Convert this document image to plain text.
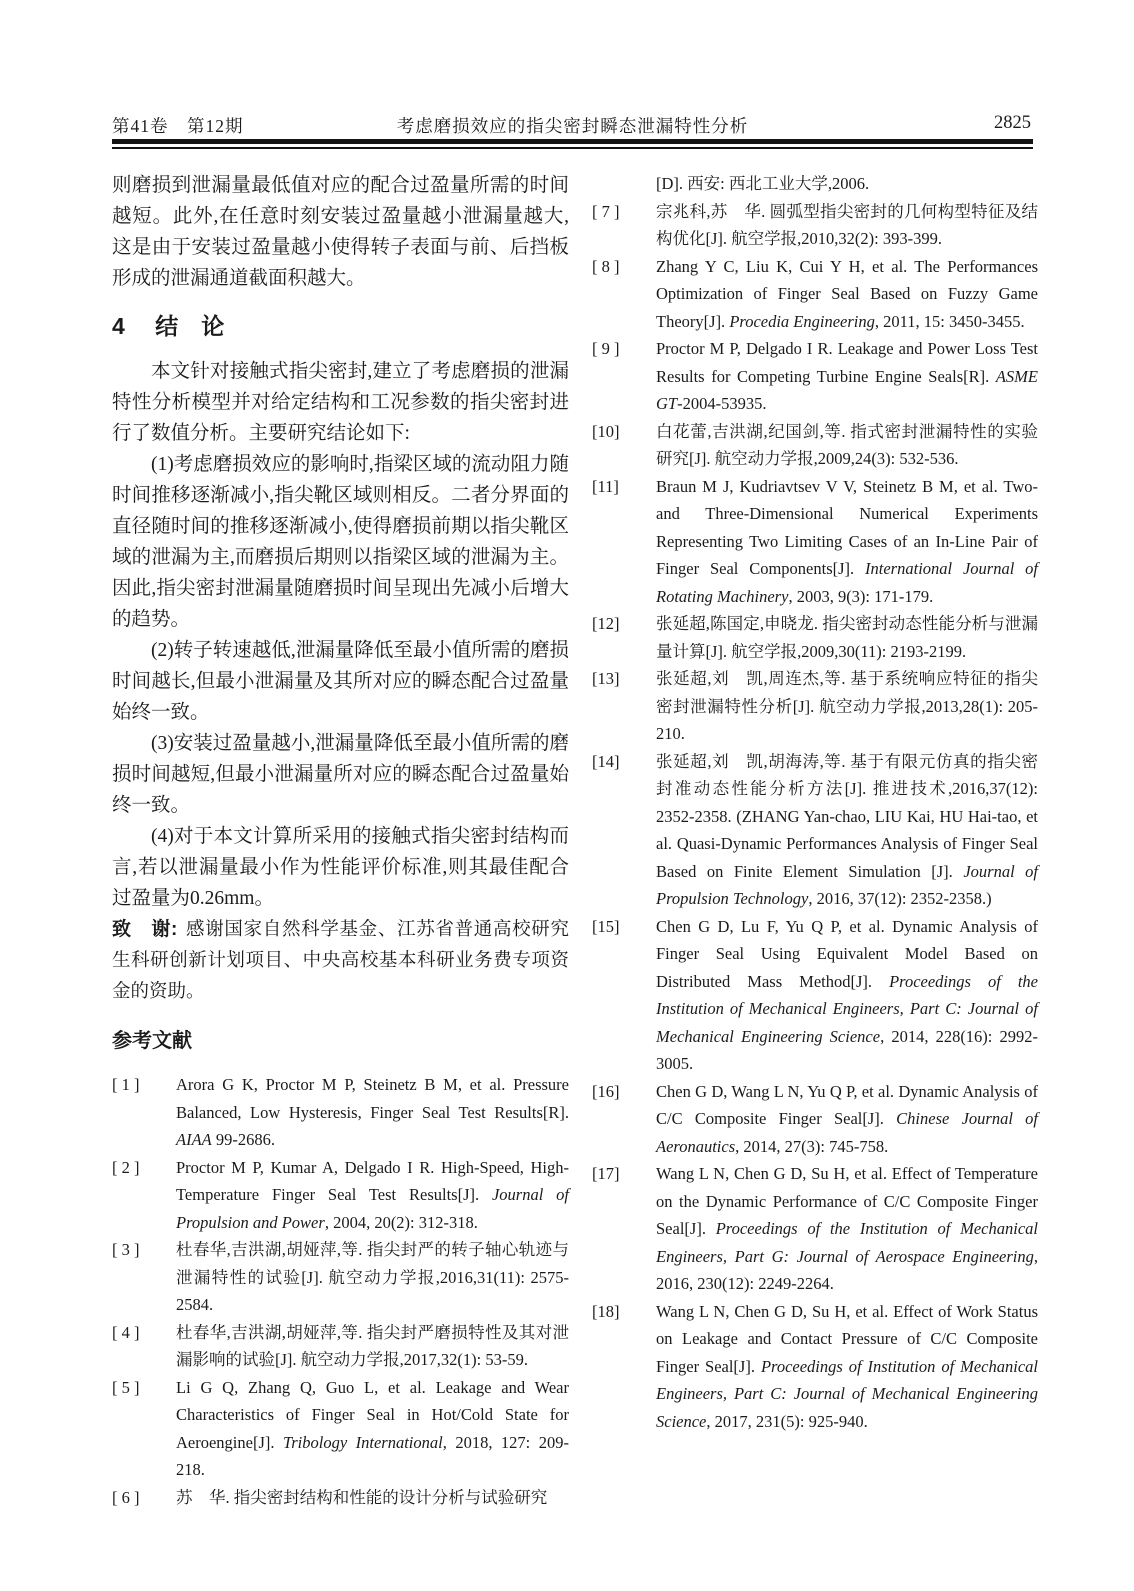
第41卷　第12期	考虑磨损效应的指尖密封瞬态泄漏特性分析	2825

则磨损到泄漏量最低值对应的配合过盈量所需的时间越短。此外,在任意时刻安装过盈量越小泄漏量越大,这是由于安装过盈量越小使得转子表面与前、后挡板形成的泄漏通道截面积越大。

4 结　论

本文针对接触式指尖密封,建立了考虑磨损的泄漏特性分析模型并对给定结构和工况参数的指尖密封进行了数值分析。主要研究结论如下:

(1)考虑磨损效应的影响时,指梁区域的流动阻力随时间推移逐渐减小,指尖靴区域则相反。二者分界面的直径随时间的推移逐渐减小,使得磨损前期以指尖靴区域的泄漏为主,而磨损后期则以指梁区域的泄漏为主。因此,指尖密封泄漏量随磨损时间呈现出先减小后增大的趋势。

(2)转子转速越低,泄漏量降低至最小值所需的磨损时间越长,但最小泄漏量及其所对应的瞬态配合过盈量始终一致。

(3)安装过盈量越小,泄漏量降低至最小值所需的磨损时间越短,但最小泄漏量所对应的瞬态配合过盈量始终一致。

(4)对于本文计算所采用的接触式指尖密封结构而言,若以泄漏量最小作为性能评价标准,则其最佳配合过盈量为0.26mm。

致　谢: 感谢国家自然科学基金、江苏省普通高校研究生科研创新计划项目、中央高校基本科研业务费专项资金的资助。

参考文献
[ 1 ] Arora G K, Proctor M P, Steinetz B M, et al. Pressure Balanced, Low Hysteresis, Finger Seal Test Results[R]. AIAA 99-2686.
[ 2 ] Proctor M P, Kumar A, Delgado I R. High-Speed, High-Temperature Finger Seal Test Results[J]. Journal of Propulsion and Power, 2004, 20(2): 312-318.
[ 3 ] 杜春华,吉洪湖,胡娅萍,等. 指尖封严的转子轴心轨迹与泄漏特性的试验[J]. 航空动力学报,2016,31(11): 2575-2584.
[ 4 ] 杜春华,吉洪湖,胡娅萍,等. 指尖封严磨损特性及其对泄漏影响的试验[J]. 航空动力学报,2017,32(1): 53-59.
[ 5 ] Li G Q, Zhang Q, Guo L, et al. Leakage and Wear Characteristics of Finger Seal in Hot/Cold State for Aeroengine[J]. Tribology International, 2018, 127: 209-218.
[ 6 ] 苏　华. 指尖密封结构和性能的设计分析与试验研究
[D]. 西安: 西北工业大学,2006.
[ 7 ] 宗兆科,苏　华. 圆弧型指尖密封的几何构型特征及结构优化[J]. 航空学报,2010,32(2): 393-399.
[ 8 ] Zhang Y C, Liu K, Cui Y H, et al. The Performances Optimization of Finger Seal Based on Fuzzy Game Theory[J]. Procedia Engineering, 2011, 15: 3450-3455.
[ 9 ] Proctor M P, Delgado I R. Leakage and Power Loss Test Results for Competing Turbine Engine Seals[R]. ASME GT-2004-53935.
[10] 白花蕾,吉洪湖,纪国剑,等. 指式密封泄漏特性的实验研究[J]. 航空动力学报,2009,24(3): 532-536.
[11] Braun M J, Kudriavtsev V V, Steinetz B M, et al. Two- and Three-Dimensional Numerical Experiments Representing Two Limiting Cases of an In-Line Pair of Finger Seal Components[J]. International Journal of Rotating Machinery, 2003, 9(3): 171-179.
[12] 张延超,陈国定,申晓龙. 指尖密封动态性能分析与泄漏量计算[J]. 航空学报,2009,30(11): 2193-2199.
[13] 张延超,刘　凯,周连杰,等. 基于系统响应特征的指尖密封泄漏特性分析[J]. 航空动力学报,2013,28(1): 205-210.
[14] 张延超,刘　凯,胡海涛,等. 基于有限元仿真的指尖密封准动态性能分析方法[J]. 推进技术,2016,37(12): 2352-2358. (ZHANG Yan-chao, LIU Kai, HU Hai-tao, et al. Quasi-Dynamic Performances Analysis of Finger Seal Based on Finite Element Simulation [J]. Journal of Propulsion Technology, 2016, 37(12): 2352-2358.)
[15] Chen G D, Lu F, Yu Q P, et al. Dynamic Analysis of Finger Seal Using Equivalent Model Based on Distributed Mass Method[J]. Proceedings of the Institution of Mechanical Engineers, Part C: Journal of Mechanical Engineering Science, 2014, 228(16): 2992-3005.
[16] Chen G D, Wang L N, Yu Q P, et al. Dynamic Analysis of C/C Composite Finger Seal[J]. Chinese Journal of Aeronautics, 2014, 27(3): 745-758.
[17] Wang L N, Chen G D, Su H, et al. Effect of Temperature on the Dynamic Performance of C/C Composite Finger Seal[J]. Proceedings of the Institution of Mechanical Engineers, Part G: Journal of Aerospace Engineering, 2016, 230(12): 2249-2264.
[18] Wang L N, Chen G D, Su H, et al. Effect of Work Status on Leakage and Contact Pressure of C/C Composite Finger Seal[J]. Proceedings of Institution of Mechanical Engineers, Part C: Journal of Mechanical Engineering Science, 2017, 231(5): 925-940.
